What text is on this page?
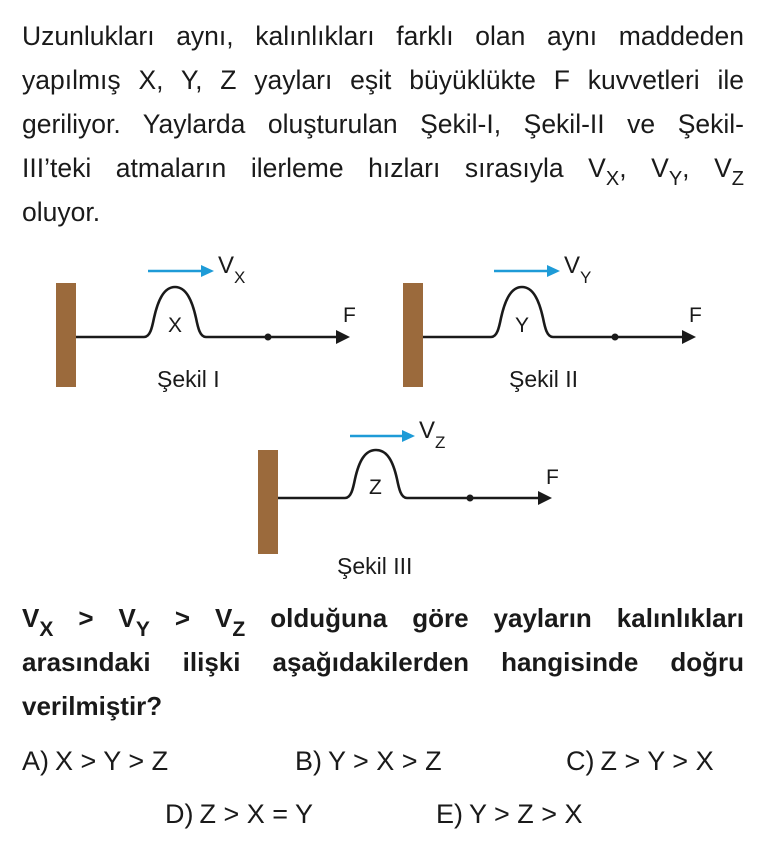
Uzunlukları aynı, kalınlıkları farklı olan aynı maddeden
yapılmış X, Y, Z yayları eşit büyüklükte F kuvvetleri ile
geriliyor. Yaylarda oluşturulan Şekil-I, Şekil-II ve Şekil-
III’teki atmaların ilerleme hızları sırasıyla $V_X$, $V_Y$, $V_Z$
oluyor.
X
V X
F
Şekil I
Y
V Y
F
Şekil II
Z
V Z
F
Şekil III
$V_X > V_Y > V_Z$ olduğuna göre yayların kalınlıkları
arasındaki ilişki aşağıdakilerden hangisinde doğru
verilmiştir?
A) X > Y > Z	B) Y > X > Z	C) Z > Y > X
D) Z > X = Y	E) Y > Z > X
